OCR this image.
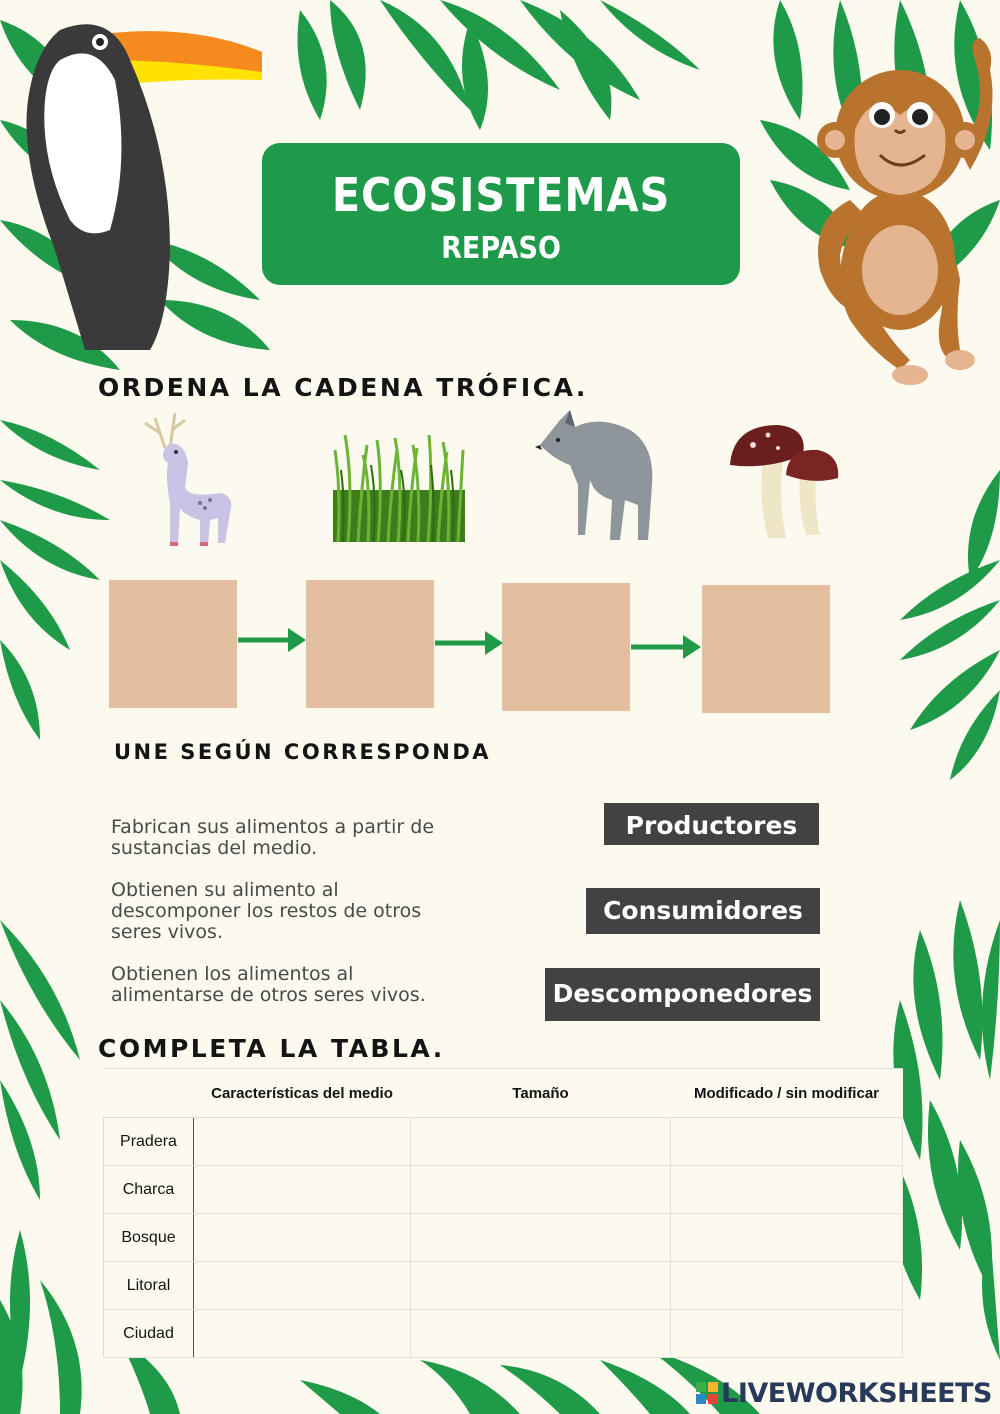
ECOSISTEMAS
REPASO
ORDENA LA CADENA TRÓFICA.
UNE SEGÚN CORRESPONDA
Fabrican sus alimentos a partir de
sustancias del medio.
Obtienen su alimento al
descomponer los restos de otros
seres vivos.
Obtienen los alimentos al
alimentarse de otros seres vivos.
Productores
Consumidores
Descomponedores
COMPLETA LA TABLA.
	Características del medio	Tamaño	Modificado / sin modificar
Pradera			
Charca			
Bosque			
Litoral			
Ciudad			
LIVEWORKSHEETS
